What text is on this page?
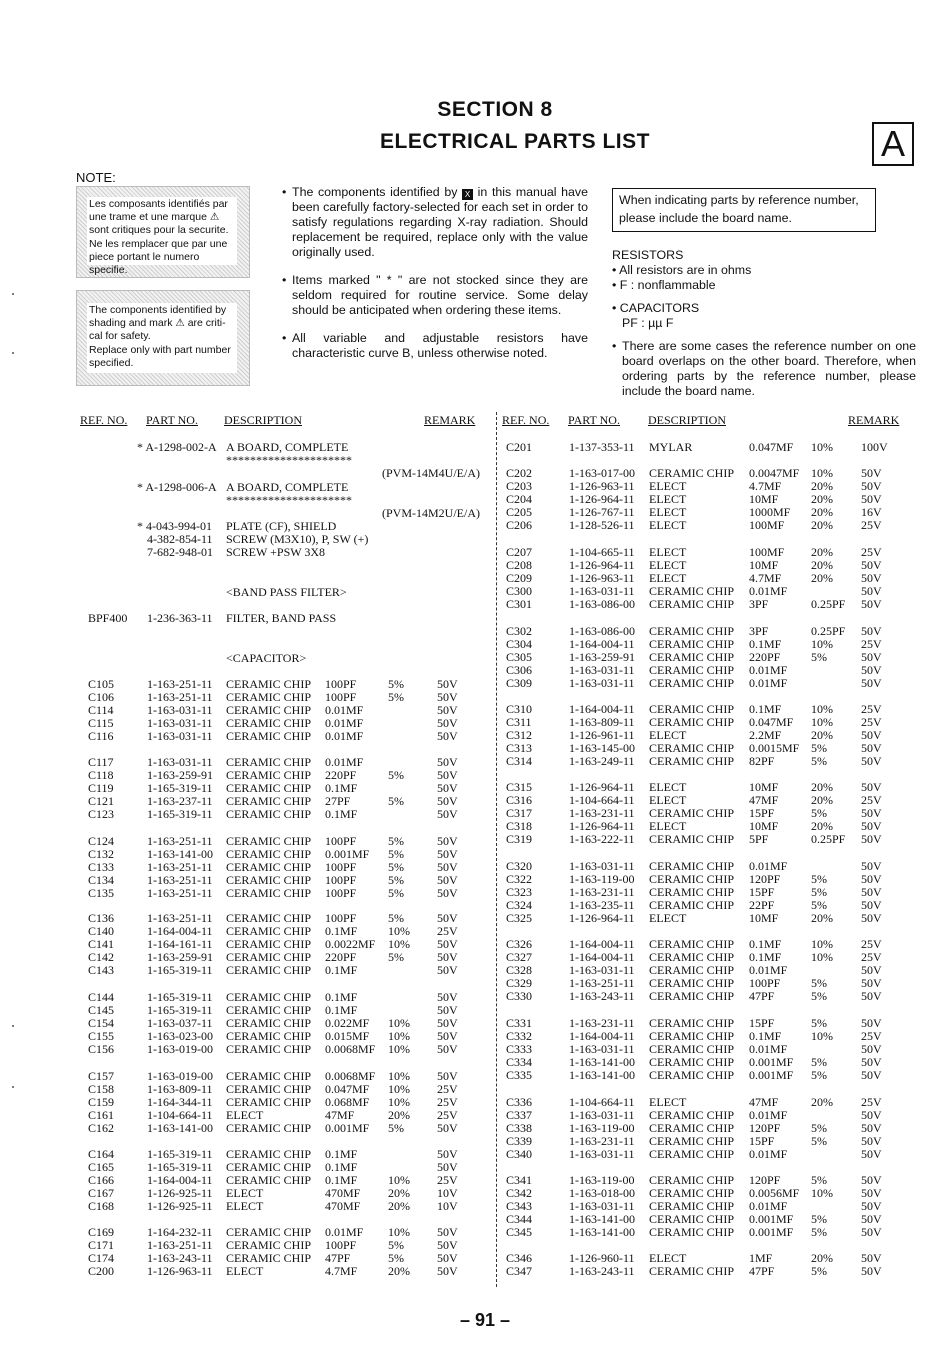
SECTION 8
ELECTRICAL PARTS LIST	A
NOTE:
Les composants identifiés par
une trame et une marque ⚠
sont critiques pour la securite.
Ne les remplacer que par une
piece portant le numero specifie.
The components identified by
shading and mark ⚠ are criti-
cal for safety.
Replace only with part number
specified.
• The components identified by X in this manual have been carefully factory-selected for each set in order to satisfy regulations regarding X-ray radiation. Should replacement be required, replace only with the value originally used.
• Items marked " * " are not stocked since they are seldom required for routine service. Some delay should be anticipated when ordering these items.
• All variable and adjustable resistors have characteristic curve B, unless otherwise noted.
When indicating parts by reference number, please include the board name.
RESISTORS
• All resistors are in ohms
• F : nonflammable
• CAPACITORS
PF : µµ F
• There are some cases the reference number on one board overlaps on the other board. Therefore, when ordering parts by the reference number, please include the board name.
REF. NO. PART NO. DESCRIPTION	REMARK REF. NO. PART NO. DESCRIPTION	REMARK
* A-1298-002-A A BOARD, COMPLETE
*********************
(PVM-14M4U/E/A)
* A-1298-006-A A BOARD, COMPLETE
*********************
(PVM-14M2U/E/A)
* 4-043-994-01 PLATE (CF), SHIELD
4-382-854-11 SCREW (M3X10), P, SW (+)
7-682-948-01 SCREW +PSW 3X8
<BAND PASS FILTER>
BPF400 1-236-363-11 FILTER, BAND PASS
<CAPACITOR>
C105	1-163-251-11 CERAMIC CHIP 100PF	5%	50V
C106	1-163-251-11 CERAMIC CHIP 100PF	5%	50V
C114	1-163-031-11 CERAMIC CHIP 0.01MF	50V
C115	1-163-031-11 CERAMIC CHIP 0.01MF	50V
C116	1-163-031-11 CERAMIC CHIP 0.01MF	50V
C117	1-163-031-11 CERAMIC CHIP 0.01MF	50V
C118	1-163-259-91 CERAMIC CHIP 220PF	5%	50V
C119	1-165-319-11 CERAMIC CHIP 0.1MF	50V
C121	1-163-237-11 CERAMIC CHIP 27PF	5%	50V
C123	1-165-319-11 CERAMIC CHIP 0.1MF	50V
C124	1-163-251-11 CERAMIC CHIP 100PF	5%	50V
C132	1-163-141-00 CERAMIC CHIP 0.001MF 5%	50V
C133	1-163-251-11 CERAMIC CHIP 100PF	5%	50V
C134	1-163-251-11 CERAMIC CHIP 100PF	5%	50V
C135	1-163-251-11 CERAMIC CHIP 100PF	5%	50V
C136	1-163-251-11 CERAMIC CHIP 100PF	5%	50V
C140	1-164-004-11 CERAMIC CHIP 0.1MF	10% 25V
C141	1-164-161-11 CERAMIC CHIP 0.0022MF 10% 50V
C142	1-163-259-91 CERAMIC CHIP 220PF	5%	50V
C143	1-165-319-11 CERAMIC CHIP 0.1MF	50V
C144	1-165-319-11 CERAMIC CHIP 0.1MF	50V
C145	1-165-319-11 CERAMIC CHIP 0.1MF	50V
C154	1-163-037-11 CERAMIC CHIP 0.022MF 10% 50V
C155	1-163-023-00 CERAMIC CHIP 0.015MF 10% 50V
C156	1-163-019-00 CERAMIC CHIP 0.0068MF 10% 50V
C157	1-163-019-00 CERAMIC CHIP 0.0068MF 10% 50V
C158	1-163-809-11 CERAMIC CHIP 0.047MF 10% 25V
C159	1-164-344-11 CERAMIC CHIP 0.068MF 10% 25V
C161	1-104-664-11 ELECT	47MF	20% 25V
C162	1-163-141-00 CERAMIC CHIP 0.001MF 5%	50V
C164	1-165-319-11 CERAMIC CHIP 0.1MF	50V
C165	1-165-319-11 CERAMIC CHIP 0.1MF	50V
C166	1-164-004-11 CERAMIC CHIP 0.1MF	10% 25V
C167	1-126-925-11 ELECT	470MF 20% 10V
C168	1-126-925-11 ELECT	470MF 20% 10V
C169	1-164-232-11 CERAMIC CHIP 0.01MF 10% 50V
C171	1-163-251-11 CERAMIC CHIP 100PF	5%	50V
C174	1-163-243-11 CERAMIC CHIP 47PF	5%	50V
C200	1-126-963-11 ELECT	4.7MF	20% 50V
C201	1-137-353-11 MYLAR	0.047MF 10% 100V
C202	1-163-017-00 CERAMIC CHIP 0.0047MF 10% 50V
C203	1-126-963-11 ELECT	4.7MF 20% 50V
C204	1-126-964-11 ELECT	10MF	20% 50V
C205	1-126-767-11 ELECT	1000MF 20% 16V
C206	1-128-526-11 ELECT	100MF 20% 25V
C207	1-104-665-11 ELECT	100MF 20% 25V
C208	1-126-964-11 ELECT	10MF	20% 50V
C209	1-126-963-11 ELECT	4.7MF 20% 50V
C300	1-163-031-11 CERAMIC CHIP 0.01MF	50V
C301	1-163-086-00 CERAMIC CHIP 3PF	0.25PF 50V
C302	1-163-086-00 CERAMIC CHIP 3PF	0.25PF 50V
C304	1-164-004-11 CERAMIC CHIP 0.1MF 10% 25V
C305	1-163-259-91 CERAMIC CHIP 220PF	5%	50V
C306	1-163-031-11 CERAMIC CHIP 0.01MF	50V
C309	1-163-031-11 CERAMIC CHIP 0.01MF	50V
C310	1-164-004-11 CERAMIC CHIP 0.1MF 10% 25V
C311	1-163-809-11 CERAMIC CHIP 0.047MF 10% 25V
C312	1-126-961-11 ELECT	2.2MF 20% 50V
C313	1-163-145-00 CERAMIC CHIP 0.0015MF 5%	50V
C314	1-163-249-11 CERAMIC CHIP 82PF	5%	50V
C315	1-126-964-11 ELECT	10MF	20% 50V
C316	1-104-664-11 ELECT	47MF	20% 25V
C317	1-163-231-11 CERAMIC CHIP 15PF	5%	50V
C318	1-126-964-11 ELECT	10MF	20% 50V
C319	1-163-222-11 CERAMIC CHIP 5PF	0.25PF 50V
C320	1-163-031-11 CERAMIC CHIP 0.01MF	50V
C322	1-163-119-00 CERAMIC CHIP 120PF	5%	50V
C323	1-163-231-11 CERAMIC CHIP 15PF	5%	50V
C324	1-163-235-11 CERAMIC CHIP 22PF	5%	50V
C325	1-126-964-11 ELECT	10MF	20% 50V
C326	1-164-004-11 CERAMIC CHIP 0.1MF 10% 25V
C327	1-164-004-11 CERAMIC CHIP 0.1MF 10% 25V
C328	1-163-031-11 CERAMIC CHIP 0.01MF	50V
C329	1-163-251-11 CERAMIC CHIP 100PF	5%	50V
C330	1-163-243-11 CERAMIC CHIP 47PF	5%	50V
C331	1-163-231-11 CERAMIC CHIP 15PF	5%	50V
C332	1-164-004-11 CERAMIC CHIP 0.1MF 10% 25V
C333	1-163-031-11 CERAMIC CHIP 0.01MF	50V
C334	1-163-141-00 CERAMIC CHIP 0.001MF 5%	50V
C335	1-163-141-00 CERAMIC CHIP 0.001MF 5%	50V
C336	1-104-664-11 ELECT	47MF	20% 25V
C337	1-163-031-11 CERAMIC CHIP 0.01MF	50V
C338	1-163-119-00 CERAMIC CHIP 120PF	5%	50V
C339	1-163-231-11 CERAMIC CHIP 15PF	5%	50V
C340	1-163-031-11 CERAMIC CHIP 0.01MF	50V
C341	1-163-119-00 CERAMIC CHIP 120PF	5%	50V
C342	1-163-018-00 CERAMIC CHIP 0.0056MF 10% 50V
C343	1-163-031-11 CERAMIC CHIP 0.01MF	50V
C344	1-163-141-00 CERAMIC CHIP 0.001MF 5%	50V
C345	1-163-141-00 CERAMIC CHIP 0.001MF 5%	50V
C346	1-126-960-11 ELECT	1MF	20% 50V
C347	1-163-243-11 CERAMIC CHIP 47PF	5%	50V
– 91 –
